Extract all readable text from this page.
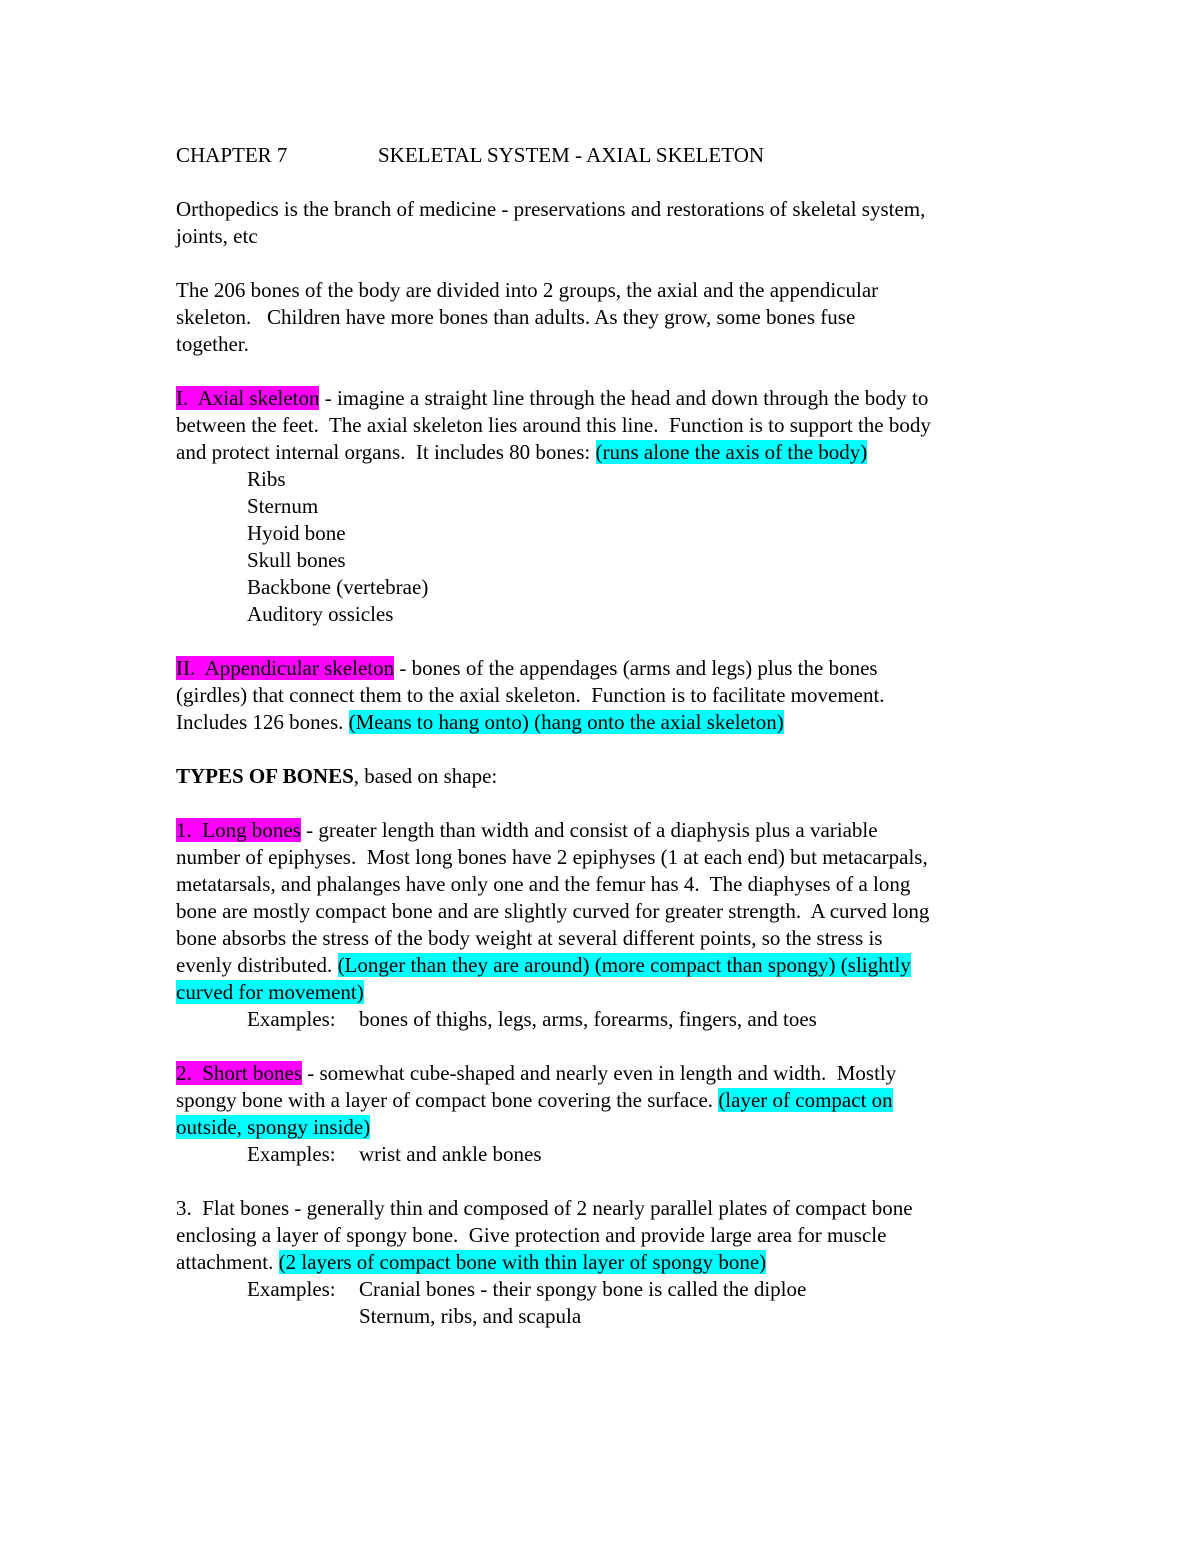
CHAPTER 7	SKELETAL SYSTEM - AXIAL SKELETON
Orthopedics is the branch of medicine - preservations and restorations of skeletal system,
joints, etc
The 206 bones of the body are divided into 2 groups, the axial and the appendicular
skeleton.   Children have more bones than adults. As they grow, some bones fuse
together.
I.  Axial skeleton - imagine a straight line through the head and down through the body to
between the feet.  The axial skeleton lies around this line.  Function is to support the body
and protect internal organs.  It includes 80 bones: (runs alone the axis of the body)
Ribs
Sternum
Hyoid bone
Skull bones
Backbone (vertebrae)
Auditory ossicles
II.  Appendicular skeleton - bones of the appendages (arms and legs) plus the bones
(girdles) that connect them to the axial skeleton.  Function is to facilitate movement.
Includes 126 bones. (Means to hang onto) (hang onto the axial skeleton)
TYPES OF BONES, based on shape:
1.  Long bones - greater length than width and consist of a diaphysis plus a variable
number of epiphyses.  Most long bones have 2 epiphyses (1 at each end) but metacarpals,
metatarsals, and phalanges have only one and the femur has 4.  The diaphyses of a long
bone are mostly compact bone and are slightly curved for greater strength.  A curved long
bone absorbs the stress of the body weight at several different points, so the stress is
evenly distributed. (Longer than they are around) (more compact than spongy) (slightly
curved for movement)
Examples: bones of thighs, legs, arms, forearms, fingers, and toes
2.  Short bones - somewhat cube-shaped and nearly even in length and width.  Mostly
spongy bone with a layer of compact bone covering the surface. (layer of compact on
outside, spongy inside)
Examples: wrist and ankle bones
3.  Flat bones - generally thin and composed of 2 nearly parallel plates of compact bone
enclosing a layer of spongy bone.  Give protection and provide large area for muscle
attachment. (2 layers of compact bone with thin layer of spongy bone)
Examples: Cranial bones - their spongy bone is called the diploe
Sternum, ribs, and scapula
